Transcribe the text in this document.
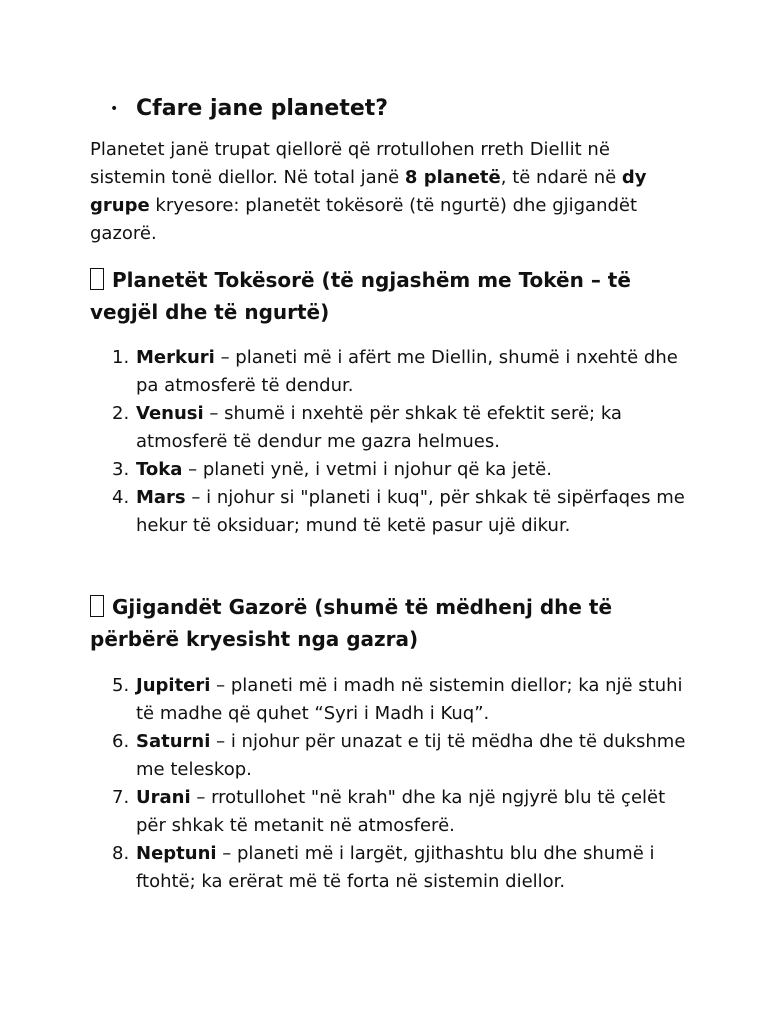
• Cfare jane planetet?

Planetet janë trupat qiellorë që rrotullohen rreth Diellit në sistemin tonë diellor. Në total janë 8 planetë, të ndarë në dy grupe kryesore: planetët tokësorë (të ngurtë) dhe gjigandët gazorë.

Planetët Tokësorë (të ngjashëm me Tokën – të vegjël dhe të ngurtë)
1. Merkuri – planeti më i afërt me Diellin, shumë i nxehtë dhe pa atmosferë të dendur.
2. Venusi – shumë i nxehtë për shkak të efektit serë; ka atmosferë të dendur me gazra helmues.
3. Toka – planeti ynë, i vetmi i njohur që ka jetë.
4. Mars – i njohur si "planeti i kuq", për shkak të sipërfaqes me hekur të oksiduar; mund të ketë pasur ujë dikur.
Gjigandët Gazorë (shumë të mëdhenj dhe të përbërë kryesisht nga gazra)
5. Jupiteri – planeti më i madh në sistemin diellor; ka një stuhi të madhe që quhet “Syri i Madh i Kuq”.
6. Saturni – i njohur për unazat e tij të mëdha dhe të dukshme me teleskop.
7. Urani – rrotullohet "në krah" dhe ka një ngjyrë blu të çelët për shkak të metanit në atmosferë.
8. Neptuni – planeti më i largët, gjithashtu blu dhe shumë i ftohtë; ka erërat më të forta në sistemin diellor.
